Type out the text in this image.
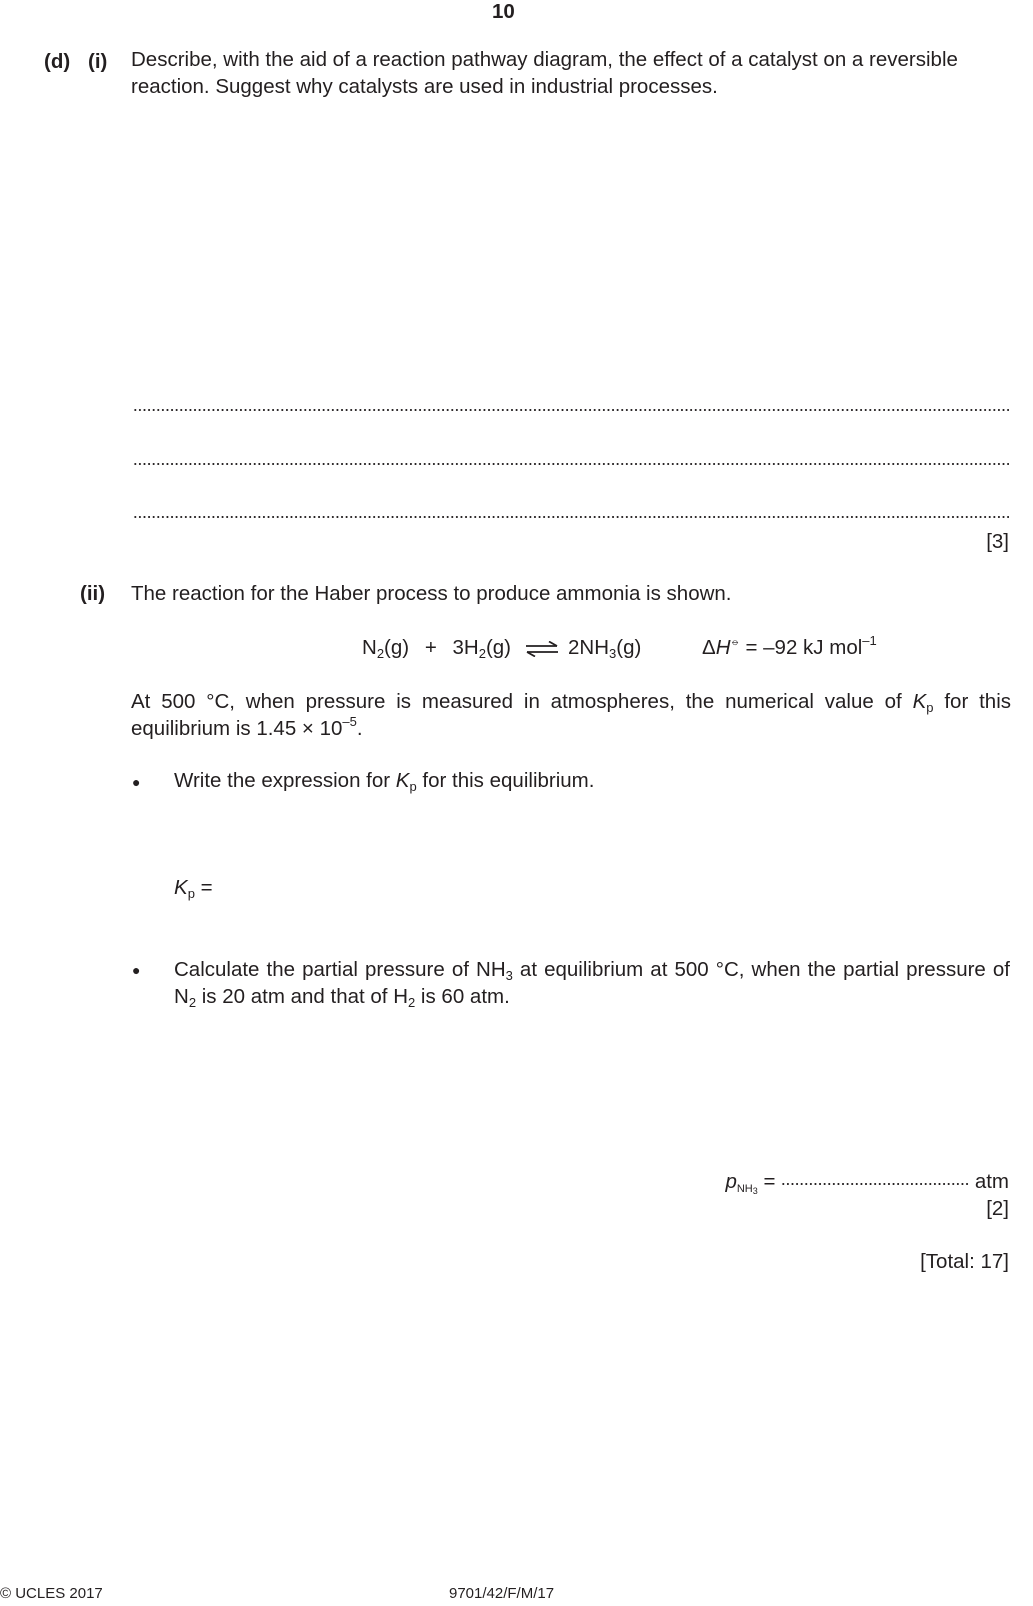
10
(d) (i) Describe, with the aid of a reaction pathway diagram, the effect of a catalyst on a reversible reaction. Suggest why catalysts are used in industrial processes.
[3]
(ii) The reaction for the Haber process to produce ammonia is shown.
$N_2(g) + 3H_2(g)$ ⇌ $2NH_3(g)$	ΔH⦵ = –92 kJ mol$^{-1}$
At 500 °C, when pressure is measured in atmospheres, the numerical value of $K_p$ for this equilibrium is $1.45 \times 10^{-5}$.
● Write the expression for $K_p$ for this equilibrium.
$K_p$ =
● Calculate the partial pressure of $NH_3$ at equilibrium at 500 °C, when the partial pressure of $N_2$ is 20 atm and that of $H_2$ is 60 atm.
$p_{NH_3}$ =	atm
[2]
[Total: 17]
© UCLES 2017	9701/42/F/M/17
